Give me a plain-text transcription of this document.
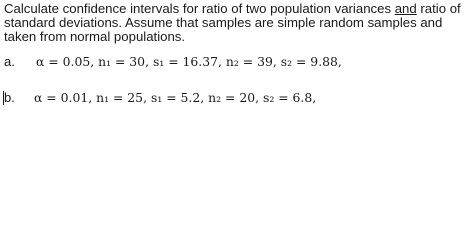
Calculate confidence intervals for ratio of two population variances and ratio of standard deviations. Assume that samples are simple random samples and taken from normal populations.
a. α = 0.05, n₁ = 30, s₁ = 16.37, n₂ = 39, s₂ = 9.88,
b. α = 0.01, n₁ = 25, s₁ = 5.2, n₂ = 20, s₂ = 6.8,
